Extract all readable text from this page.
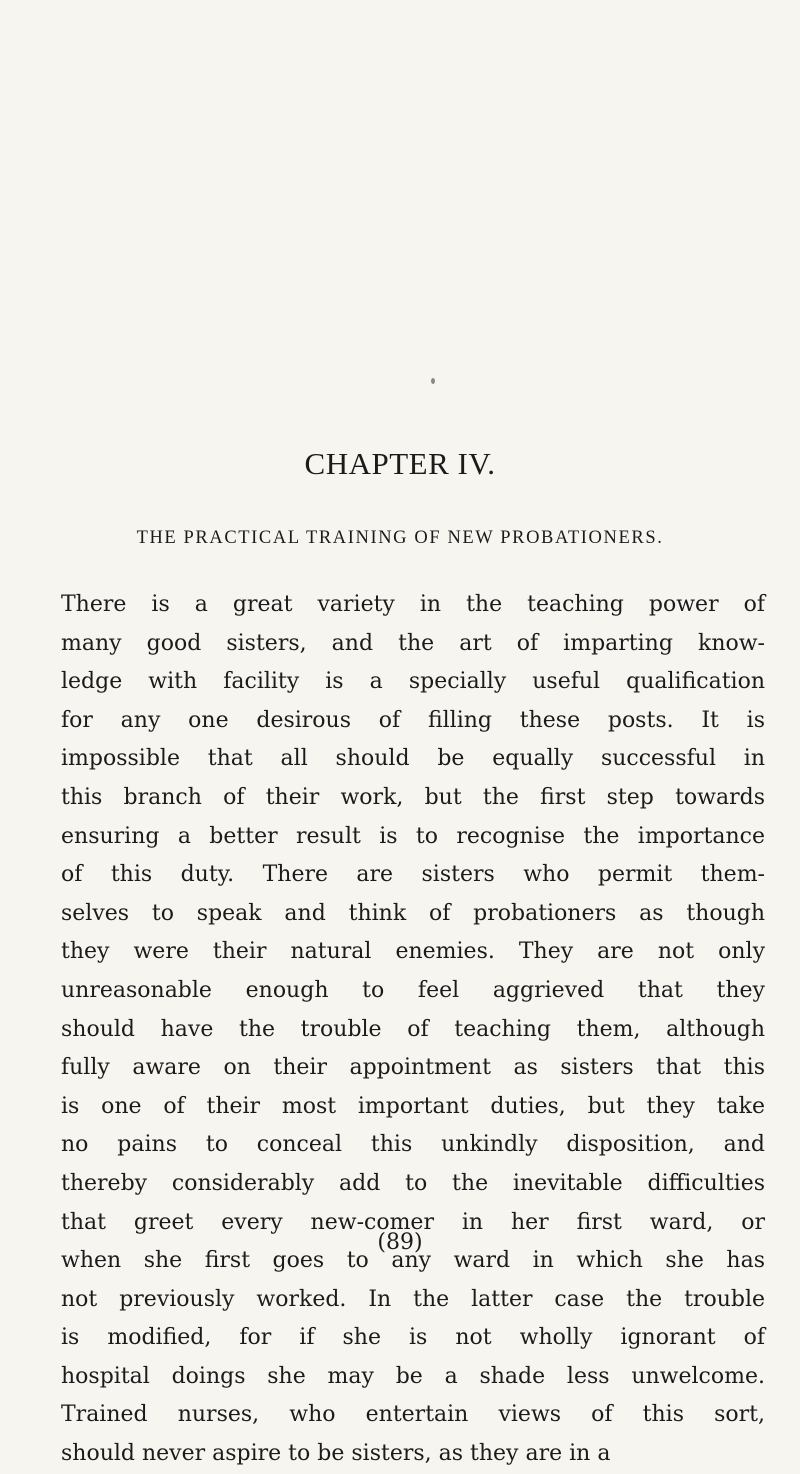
CHAPTER IV.
THE PRACTICAL TRAINING OF NEW PROBATIONERS.
There is a great variety in the teaching power of
many good sisters, and the art of imparting know-
ledge with facility is a specially useful qualification
for any one desirous of filling these posts. It is
impossible that all should be equally successful in
this branch of their work, but the first step towards
ensuring a better result is to recognise the importance
of this duty. There are sisters who permit them-
selves to speak and think of probationers as though
they were their natural enemies. They are not only
unreasonable enough to feel aggrieved that they
should have the trouble of teaching them, although
fully aware on their appointment as sisters that this
is one of their most important duties, but they take
no pains to conceal this unkindly disposition, and
thereby considerably add to the inevitable difficulties
that greet every new-comer in her first ward, or
when she first goes to any ward in which she has
not previously worked. In the latter case the trouble
is modified, for if she is not wholly ignorant of
hospital doings she may be a shade less unwelcome.
Trained nurses, who entertain views of this sort,
should never aspire to be sisters, as they are in a
(89)
